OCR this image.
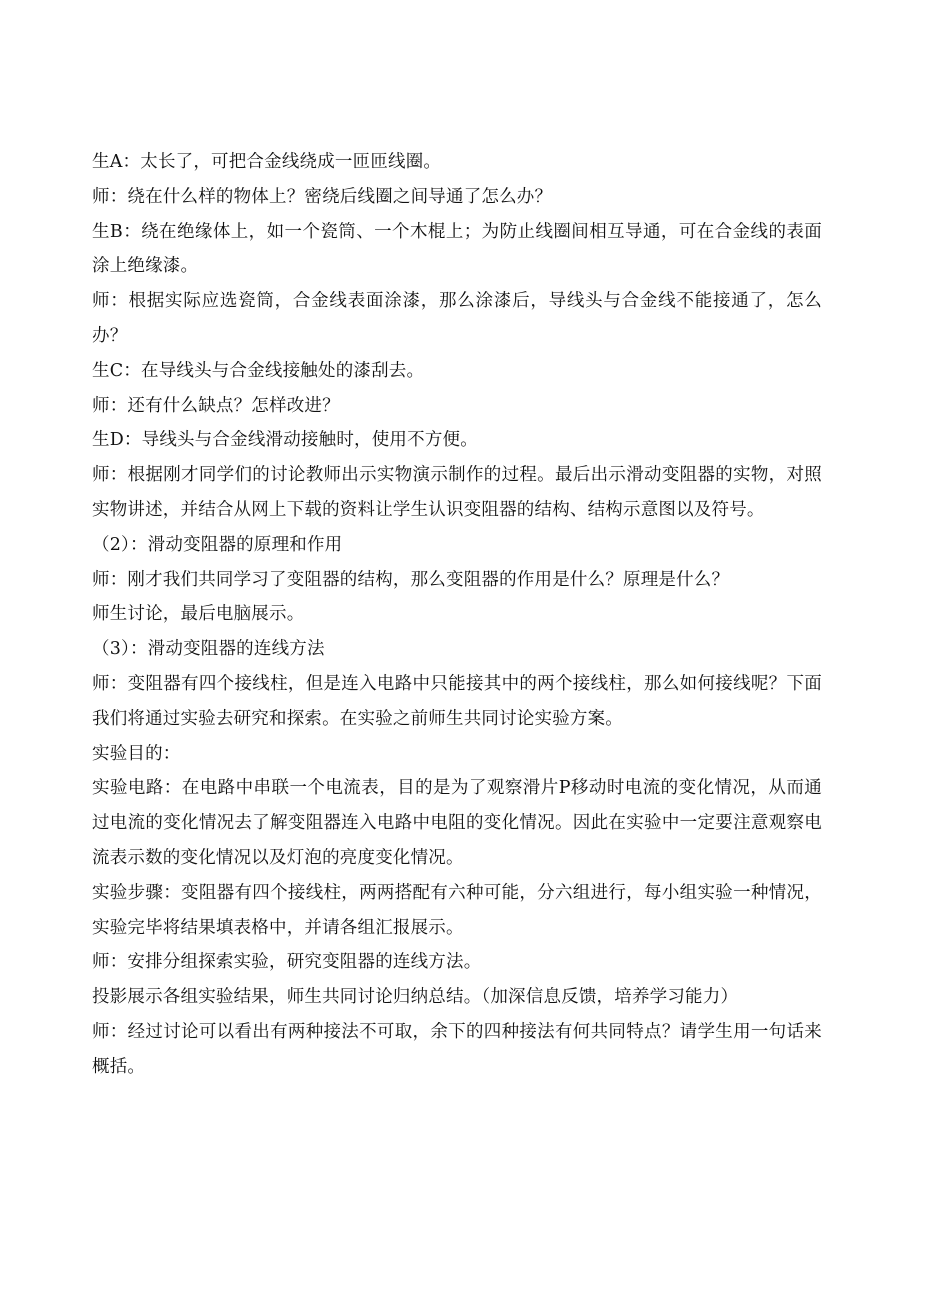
生A：太长了，可把合金线绕成一匝匝线圈。

师：绕在什么样的物体上？密绕后线圈之间导通了怎么办？

生B：绕在绝缘体上，如一个瓷筒、一个木棍上；为防止线圈间相互导通，可在合金线的表面涂上绝缘漆。

师：根据实际应选瓷筒，合金线表面涂漆，那么涂漆后，导线头与合金线不能接通了，怎么办？

生C：在导线头与合金线接触处的漆刮去。

师：还有什么缺点？怎样改进？

生D：导线头与合金线滑动接触时，使用不方便。

师：根据刚才同学们的讨论教师出示实物演示制作的过程。最后出示滑动变阻器的实物，对照实物讲述，并结合从网上下载的资料让学生认识变阻器的结构、结构示意图以及符号。

（2）：滑动变阻器的原理和作用

师：刚才我们共同学习了变阻器的结构，那么变阻器的作用是什么？原理是什么？

师生讨论，最后电脑展示。

（3）：滑动变阻器的连线方法

师：变阻器有四个接线柱，但是连入电路中只能接其中的两个接线柱，那么如何接线呢？下面我们将通过实验去研究和探索。在实验之前师生共同讨论实验方案。

实验目的：

实验电路：在电路中串联一个电流表，目的是为了观察滑片P移动时电流的变化情况，从而通过电流的变化情况去了解变阻器连入电路中电阻的变化情况。因此在实验中一定要注意观察电流表示数的变化情况以及灯泡的亮度变化情况。

实验步骤：变阻器有四个接线柱，两两搭配有六种可能，分六组进行，每小组实验一种情况，实验完毕将结果填表格中，并请各组汇报展示。

师：安排分组探索实验，研究变阻器的连线方法。

投影展示各组实验结果，师生共同讨论归纳总结。（加深信息反馈，培养学习能力）

师：经过讨论可以看出有两种接法不可取，余下的四种接法有何共同特点？请学生用一句话来概括。
